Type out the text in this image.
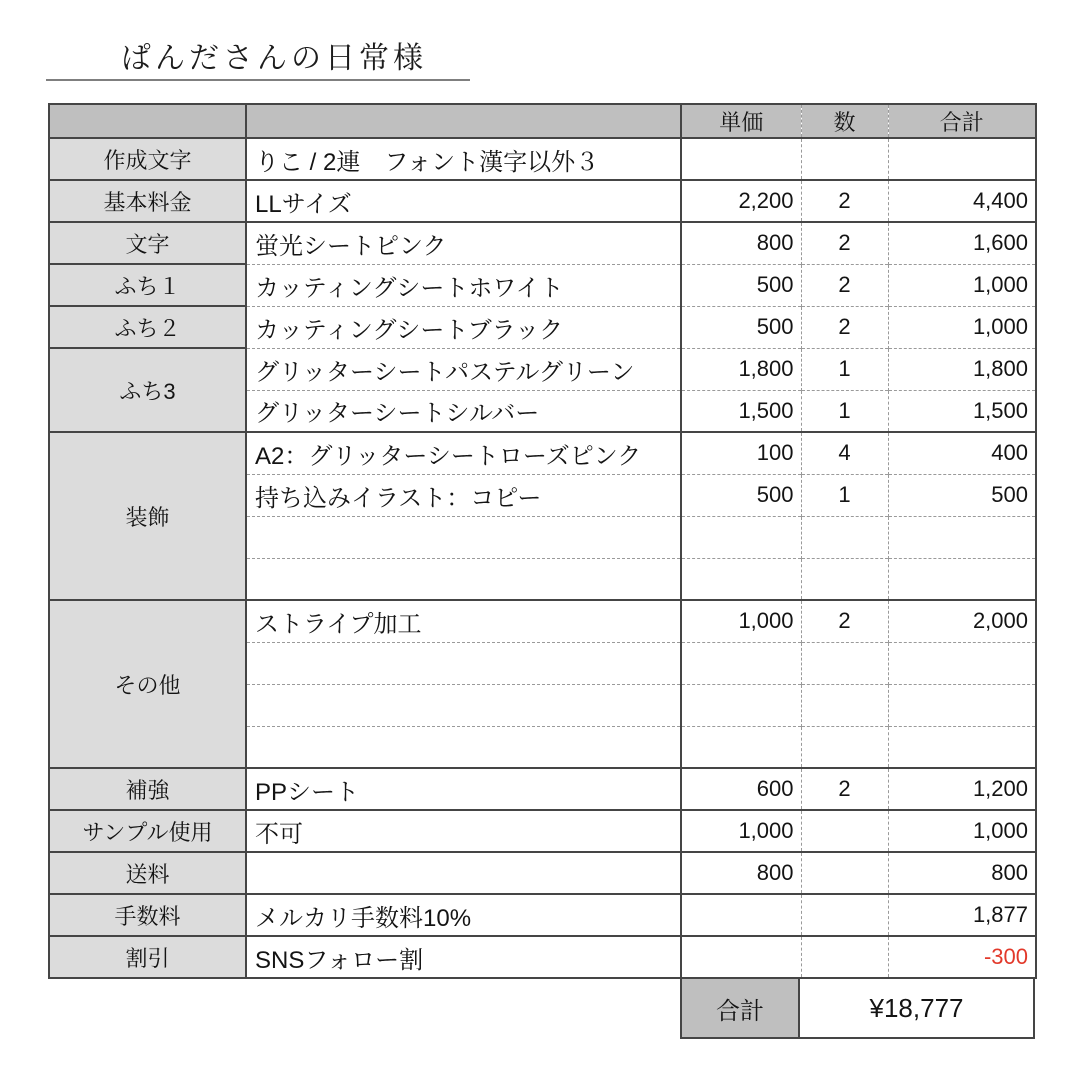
ぱんださんの日常様
		単価	数	合計
作成文字	りこ / 2連　フォント漢字以外３			
基本料金	LLサイズ	2,200	2	4,400
文字	蛍光シートピンク	800	2	1,600
ふち１	カッティングシートホワイト	500	2	1,000
ふち２	カッティングシートブラック	500	2	1,000
ふち3	グリッターシートパステルグリーン	1,800	1	1,800
	グリッターシートシルバー	1,500	1	1,500
装飾	A2：グリッターシートローズピンク	100	4	400
	持ち込みイラスト：コピー	500	1	500

その他	ストライプ加工	1,000	2	2,000

補強	PPシート	600	2	1,200
サンプル使用	不可	1,000		1,000
送料		800		800
手数料	メルカリ手数料10%			1,877
割引	SNSフォロー割			-300
合計	¥18,777
